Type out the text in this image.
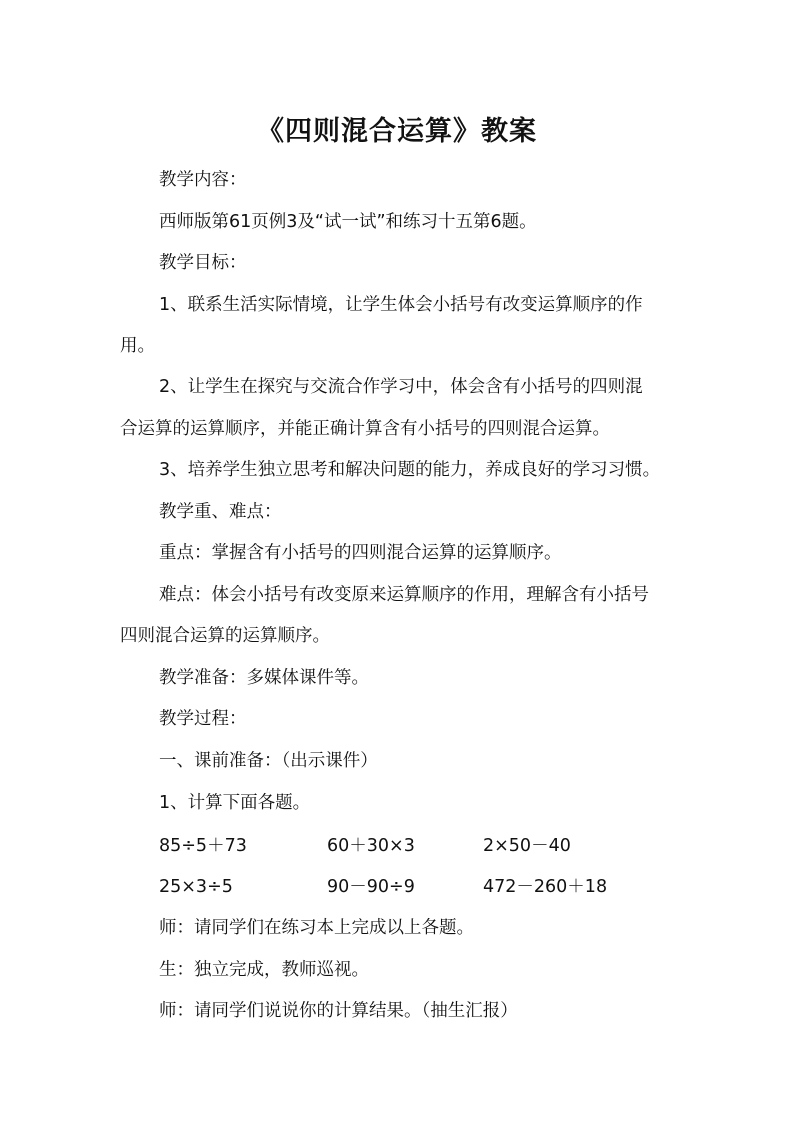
《四则混合运算》教案
教学内容：
西师版第61页例3及“试一试”和练习十五第6题。
教学目标：
1、联系生活实际情境，让学生体会小括号有改变运算顺序的作
用。
2、让学生在探究与交流合作学习中，体会含有小括号的四则混
合运算的运算顺序，并能正确计算含有小括号的四则混合运算。
3、培养学生独立思考和解决问题的能力，养成良好的学习习惯。
教学重、难点：
重点：掌握含有小括号的四则混合运算的运算顺序。
难点：体会小括号有改变原来运算顺序的作用，理解含有小括号
四则混合运算的运算顺序。
教学准备：多媒体课件等。
教学过程：
一、课前准备：（出示课件）
1、计算下面各题。
85÷5＋73	60＋30×3	2×50－40
25×3÷5	90－90÷9	472－260＋18
师：请同学们在练习本上完成以上各题。
生：独立完成，教师巡视。
师：请同学们说说你的计算结果。（抽生汇报）
